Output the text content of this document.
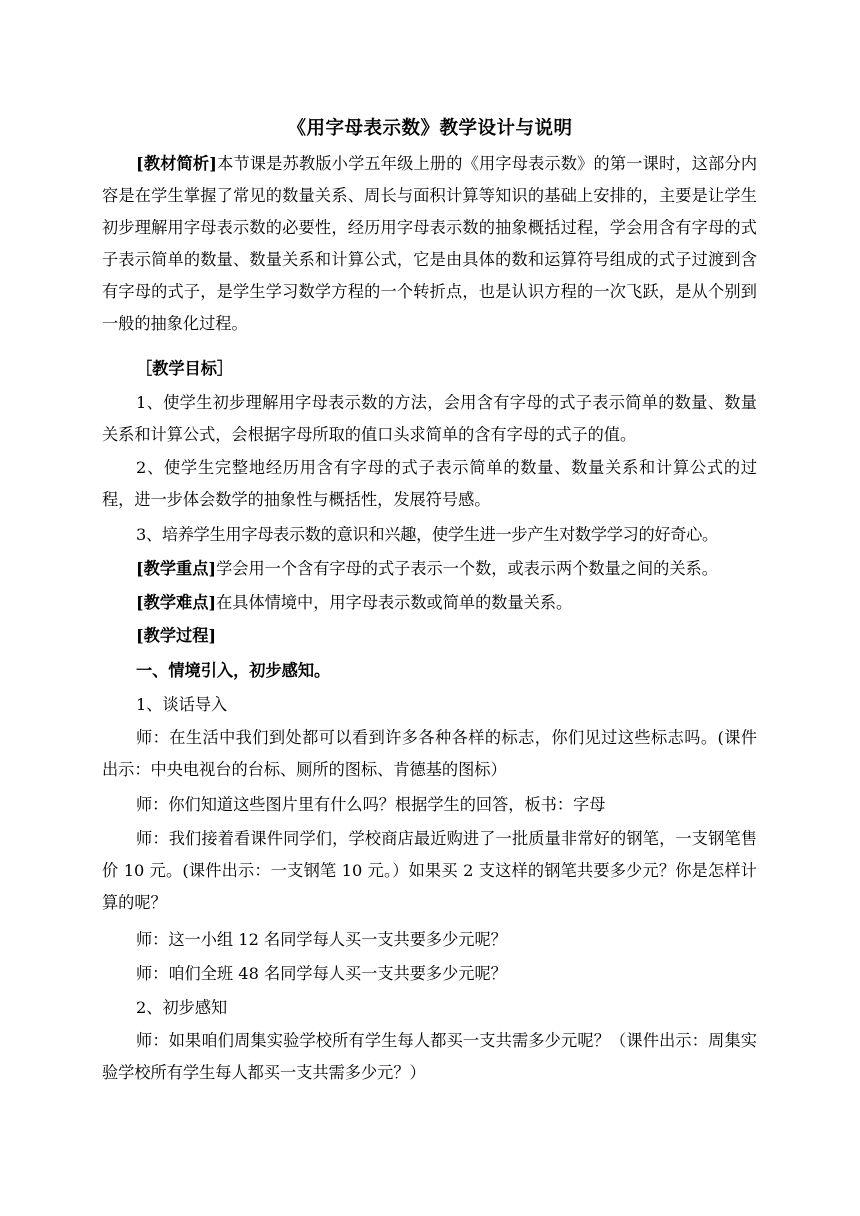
《用字母表示数》教学设计与说明
[教材简析]本节课是苏教版小学五年级上册的《用字母表示数》的第一课时，这部分内容是在学生掌握了常见的数量关系、周长与面积计算等知识的基础上安排的，主要是让学生初步理解用字母表示数的必要性，经历用字母表示数的抽象概括过程，学会用含有字母的式子表示简单的数量、数量关系和计算公式，它是由具体的数和运算符号组成的式子过渡到含有字母的式子，是学生学习数学方程的一个转折点，也是认识方程的一次飞跃，是从个别到一般的抽象化过程。
［教学目标］
1、使学生初步理解用字母表示数的方法，会用含有字母的式子表示简单的数量、数量关系和计算公式，会根据字母所取的值口头求简单的含有字母的式子的值。
2、使学生完整地经历用含有字母的式子表示简单的数量、数量关系和计算公式的过程，进一步体会数学的抽象性与概括性，发展符号感。
3、培养学生用字母表示数的意识和兴趣，使学生进一步产生对数学学习的好奇心。
[教学重点]学会用一个含有字母的式子表示一个数，或表示两个数量之间的关系。
[教学难点]在具体情境中，用字母表示数或简单的数量关系。
[教学过程]
一、情境引入，初步感知。
1、谈话导入
师：在生活中我们到处都可以看到许多各种各样的标志，你们见过这些标志吗。(课件出示：中央电视台的台标、厕所的图标、肯德基的图标）
师：你们知道这些图片里有什么吗？根据学生的回答，板书：字母
师：我们接着看课件同学们，学校商店最近购进了一批质量非常好的钢笔，一支钢笔售价 10 元。(课件出示：一支钢笔 10 元。）如果买 2 支这样的钢笔共要多少元？你是怎样计算的呢？
师：这一小组 12 名同学每人买一支共要多少元呢？
师：咱们全班 48 名同学每人买一支共要多少元呢？
2、初步感知
师：如果咱们周集实验学校所有学生每人都买一支共需多少元呢？（课件出示：周集实验学校所有学生每人都买一支共需多少元？）
